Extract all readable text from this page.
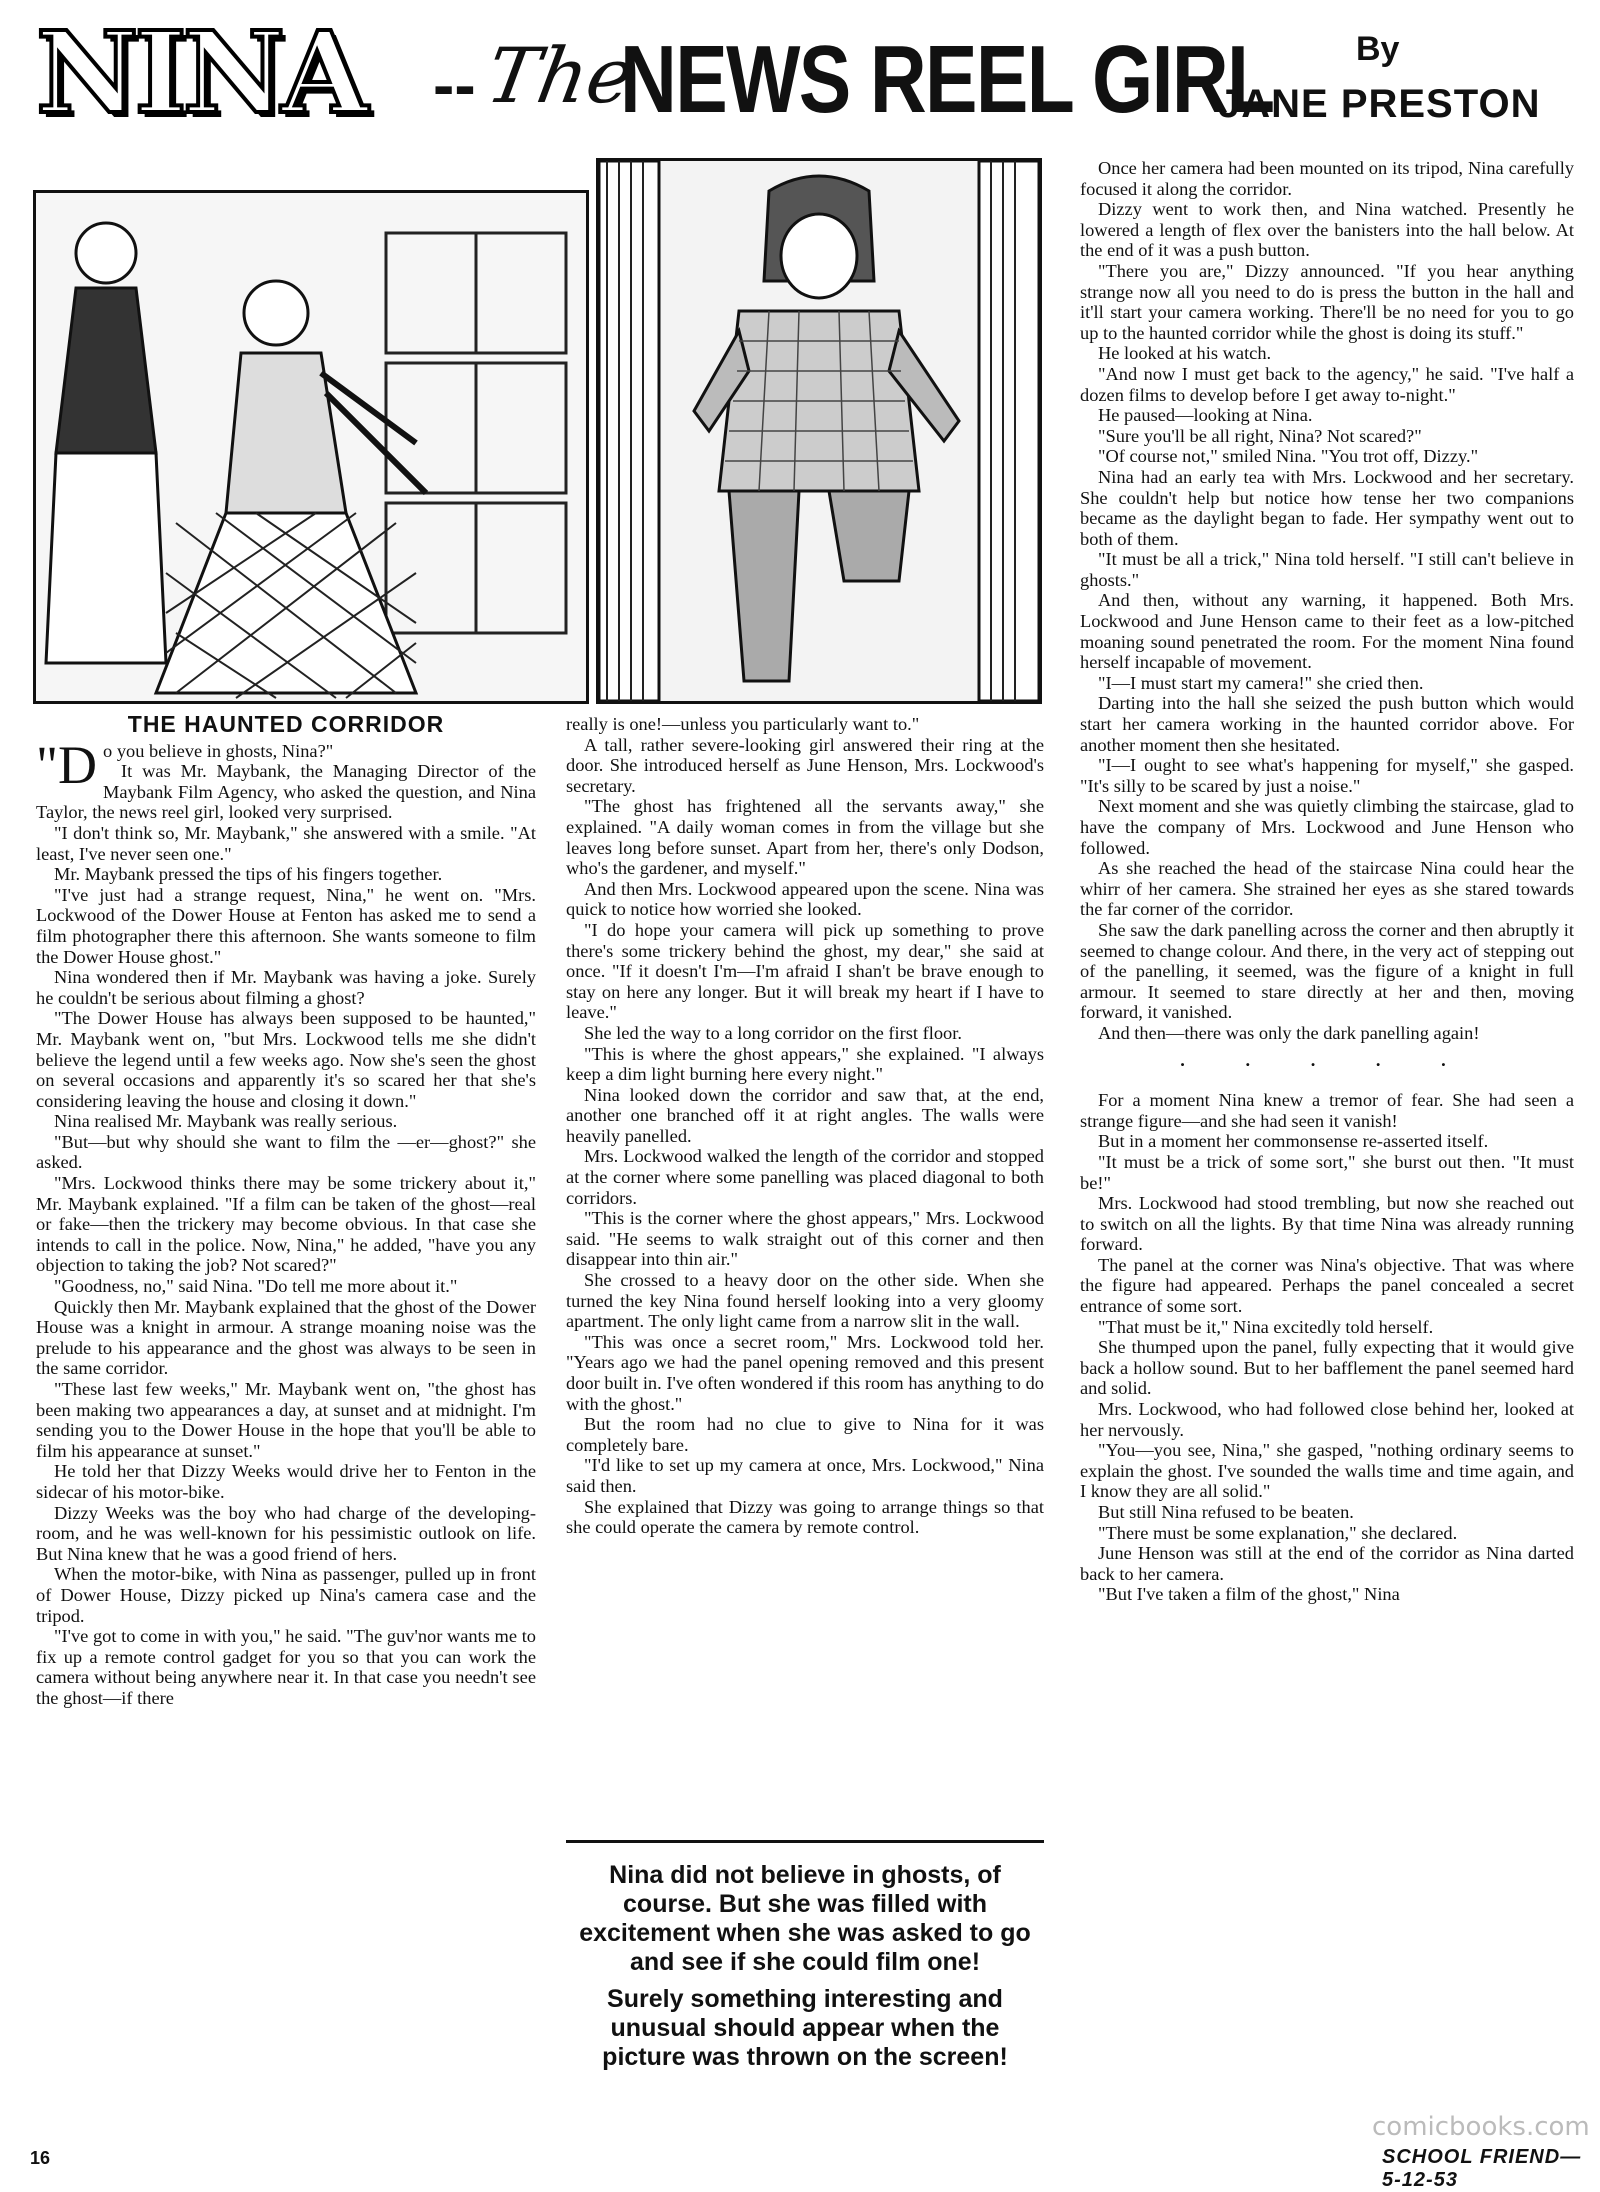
NINA -- The
NEWS REEL GIRL By
JANE PRESTON
THE HAUNTED CORRIDOR

"Do you believe in ghosts, Nina?"

It was Mr. Maybank, the Managing Director of the Maybank Film Agency, who asked the question, and Nina Taylor, the news reel girl, looked very surprised.

"I don't think so, Mr. Maybank," she answered with a smile. "At least, I've never seen one."

Mr. Maybank pressed the tips of his fingers together.

"I've just had a strange request, Nina," he went on. "Mrs. Lockwood of the Dower House at Fenton has asked me to send a film photographer there this afternoon. She wants someone to film the Dower House ghost."

Nina wondered then if Mr. Maybank was having a joke. Surely he couldn't be serious about filming a ghost?

"The Dower House has always been supposed to be haunted," Mr. Maybank went on, "but Mrs. Lockwood tells me she didn't believe the legend until a few weeks ago. Now she's seen the ghost on several occasions and apparently it's so scared her that she's considering leaving the house and closing it down."

Nina realised Mr. Maybank was really serious.

"But—but why should she want to film the —er—ghost?" she asked.

"Mrs. Lockwood thinks there may be some trickery about it," Mr. Maybank explained. "If a film can be taken of the ghost—real or fake—then the trickery may become obvious. In that case she intends to call in the police. Now, Nina," he added, "have you any objection to taking the job? Not scared?"

"Goodness, no," said Nina. "Do tell me more about it."

Quickly then Mr. Maybank explained that the ghost of the Dower House was a knight in armour. A strange moaning noise was the prelude to his appearance and the ghost was always to be seen in the same corridor.

"These last few weeks," Mr. Maybank went on, "the ghost has been making two appearances a day, at sunset and at midnight. I'm sending you to the Dower House in the hope that you'll be able to film his appearance at sunset."

He told her that Dizzy Weeks would drive her to Fenton in the sidecar of his motor-bike.

Dizzy Weeks was the boy who had charge of the developing-room, and he was well-known for his pessimistic outlook on life. But Nina knew that he was a good friend of hers.

When the motor-bike, with Nina as passenger, pulled up in front of Dower House, Dizzy picked up Nina's camera case and the tripod.

"I've got to come in with you," he said. "The guv'nor wants me to fix up a remote control gadget for you so that you can work the camera without being anywhere near it. In that case you needn't see the ghost—if there

really is one!—unless you particularly want to."

A tall, rather severe-looking girl answered their ring at the door. She introduced herself as June Henson, Mrs. Lockwood's secretary.

"The ghost has frightened all the servants away," she explained. "A daily woman comes in from the village but she leaves long before sunset. Apart from her, there's only Dodson, who's the gardener, and myself."

And then Mrs. Lockwood appeared upon the scene. Nina was quick to notice how worried she looked.

"I do hope your camera will pick up something to prove there's some trickery behind the ghost, my dear," she said at once. "If it doesn't I'm—I'm afraid I shan't be brave enough to stay on here any longer. But it will break my heart if I have to leave."

She led the way to a long corridor on the first floor.

"This is where the ghost appears," she explained. "I always keep a dim light burning here every night."

Nina looked down the corridor and saw that, at the end, another one branched off it at right angles. The walls were heavily panelled.

Mrs. Lockwood walked the length of the corridor and stopped at the corner where some panelling was placed diagonal to both corridors.

"This is the corner where the ghost appears," Mrs. Lockwood said. "He seems to walk straight out of this corner and then disappear into thin air."

She crossed to a heavy door on the other side. When she turned the key Nina found herself looking into a very gloomy apartment. The only light came from a narrow slit in the wall.

"This was once a secret room," Mrs. Lockwood told her. "Years ago we had the panel opening removed and this present door built in. I've often wondered if this room has anything to do with the ghost."

But the room had no clue to give to Nina for it was completely bare.

"I'd like to set up my camera at once, Mrs. Lockwood," Nina said then.

She explained that Dizzy was going to arrange things so that she could operate the camera by remote control.

Nina did not believe in ghosts, of course. But she was filled with excitement when she was asked to go and see if she could film one!

Surely something interesting and unusual should appear when the picture was thrown on the screen!

Once her camera had been mounted on its tripod, Nina carefully focused it along the corridor.

Dizzy went to work then, and Nina watched. Presently he lowered a length of flex over the banisters into the hall below. At the end of it was a push button.

"There you are," Dizzy announced. "If you hear anything strange now all you need to do is press the button in the hall and it'll start your camera working. There'll be no need for you to go up to the haunted corridor while the ghost is doing its stuff."

He looked at his watch.

"And now I must get back to the agency," he said. "I've half a dozen films to develop before I get away to-night."

He paused—looking at Nina.

"Sure you'll be all right, Nina? Not scared?"

"Of course not," smiled Nina. "You trot off, Dizzy."

Nina had an early tea with Mrs. Lockwood and her secretary. She couldn't help but notice how tense her two companions became as the daylight began to fade. Her sympathy went out to both of them.

"It must be all a trick," Nina told herself. "I still can't believe in ghosts."

And then, without any warning, it happened. Both Mrs. Lockwood and June Henson came to their feet as a low-pitched moaning sound penetrated the room. For the moment Nina found herself incapable of movement.

"I—I must start my camera!" she cried then.

Darting into the hall she seized the push button which would start her camera working in the haunted corridor above. For another moment then she hesitated.

"I—I ought to see what's happening for myself," she gasped. "It's silly to be scared by just a noise."

Next moment and she was quietly climbing the staircase, glad to have the company of Mrs. Lockwood and June Henson who followed.

As she reached the head of the staircase Nina could hear the whirr of her camera. She strained her eyes as she stared towards the far corner of the corridor.

She saw the dark panelling across the corner and then abruptly it seemed to change colour. And there, in the very act of stepping out of the panelling, it seemed, was the figure of a knight in full armour. It seemed to stare directly at her and then, moving forward, it vanished.

And then—there was only the dark panelling again!

. . . . .

For a moment Nina knew a tremor of fear. She had seen a strange figure—and she had seen it vanish!

But in a moment her commonsense re-asserted itself.

"It must be a trick of some sort," she burst out then. "It must be!"

Mrs. Lockwood had stood trembling, but now she reached out to switch on all the lights. By that time Nina was already running forward.

The panel at the corner was Nina's objective. That was where the figure had appeared. Perhaps the panel concealed a secret entrance of some sort.

"That must be it," Nina excitedly told herself.

She thumped upon the panel, fully expecting that it would give back a hollow sound. But to her bafflement the panel seemed hard and solid.

Mrs. Lockwood, who had followed close behind her, looked at her nervously.

"You—you see, Nina," she gasped, "nothing ordinary seems to explain the ghost. I've sounded the walls time and time again, and I know they are all solid."

But still Nina refused to be beaten.

"There must be some explanation," she declared.

June Henson was still at the end of the corridor as Nina darted back to her camera.

"But I've taken a film of the ghost," Nina

comicbooks.com
16	SCHOOL FRIEND—5-12-53
